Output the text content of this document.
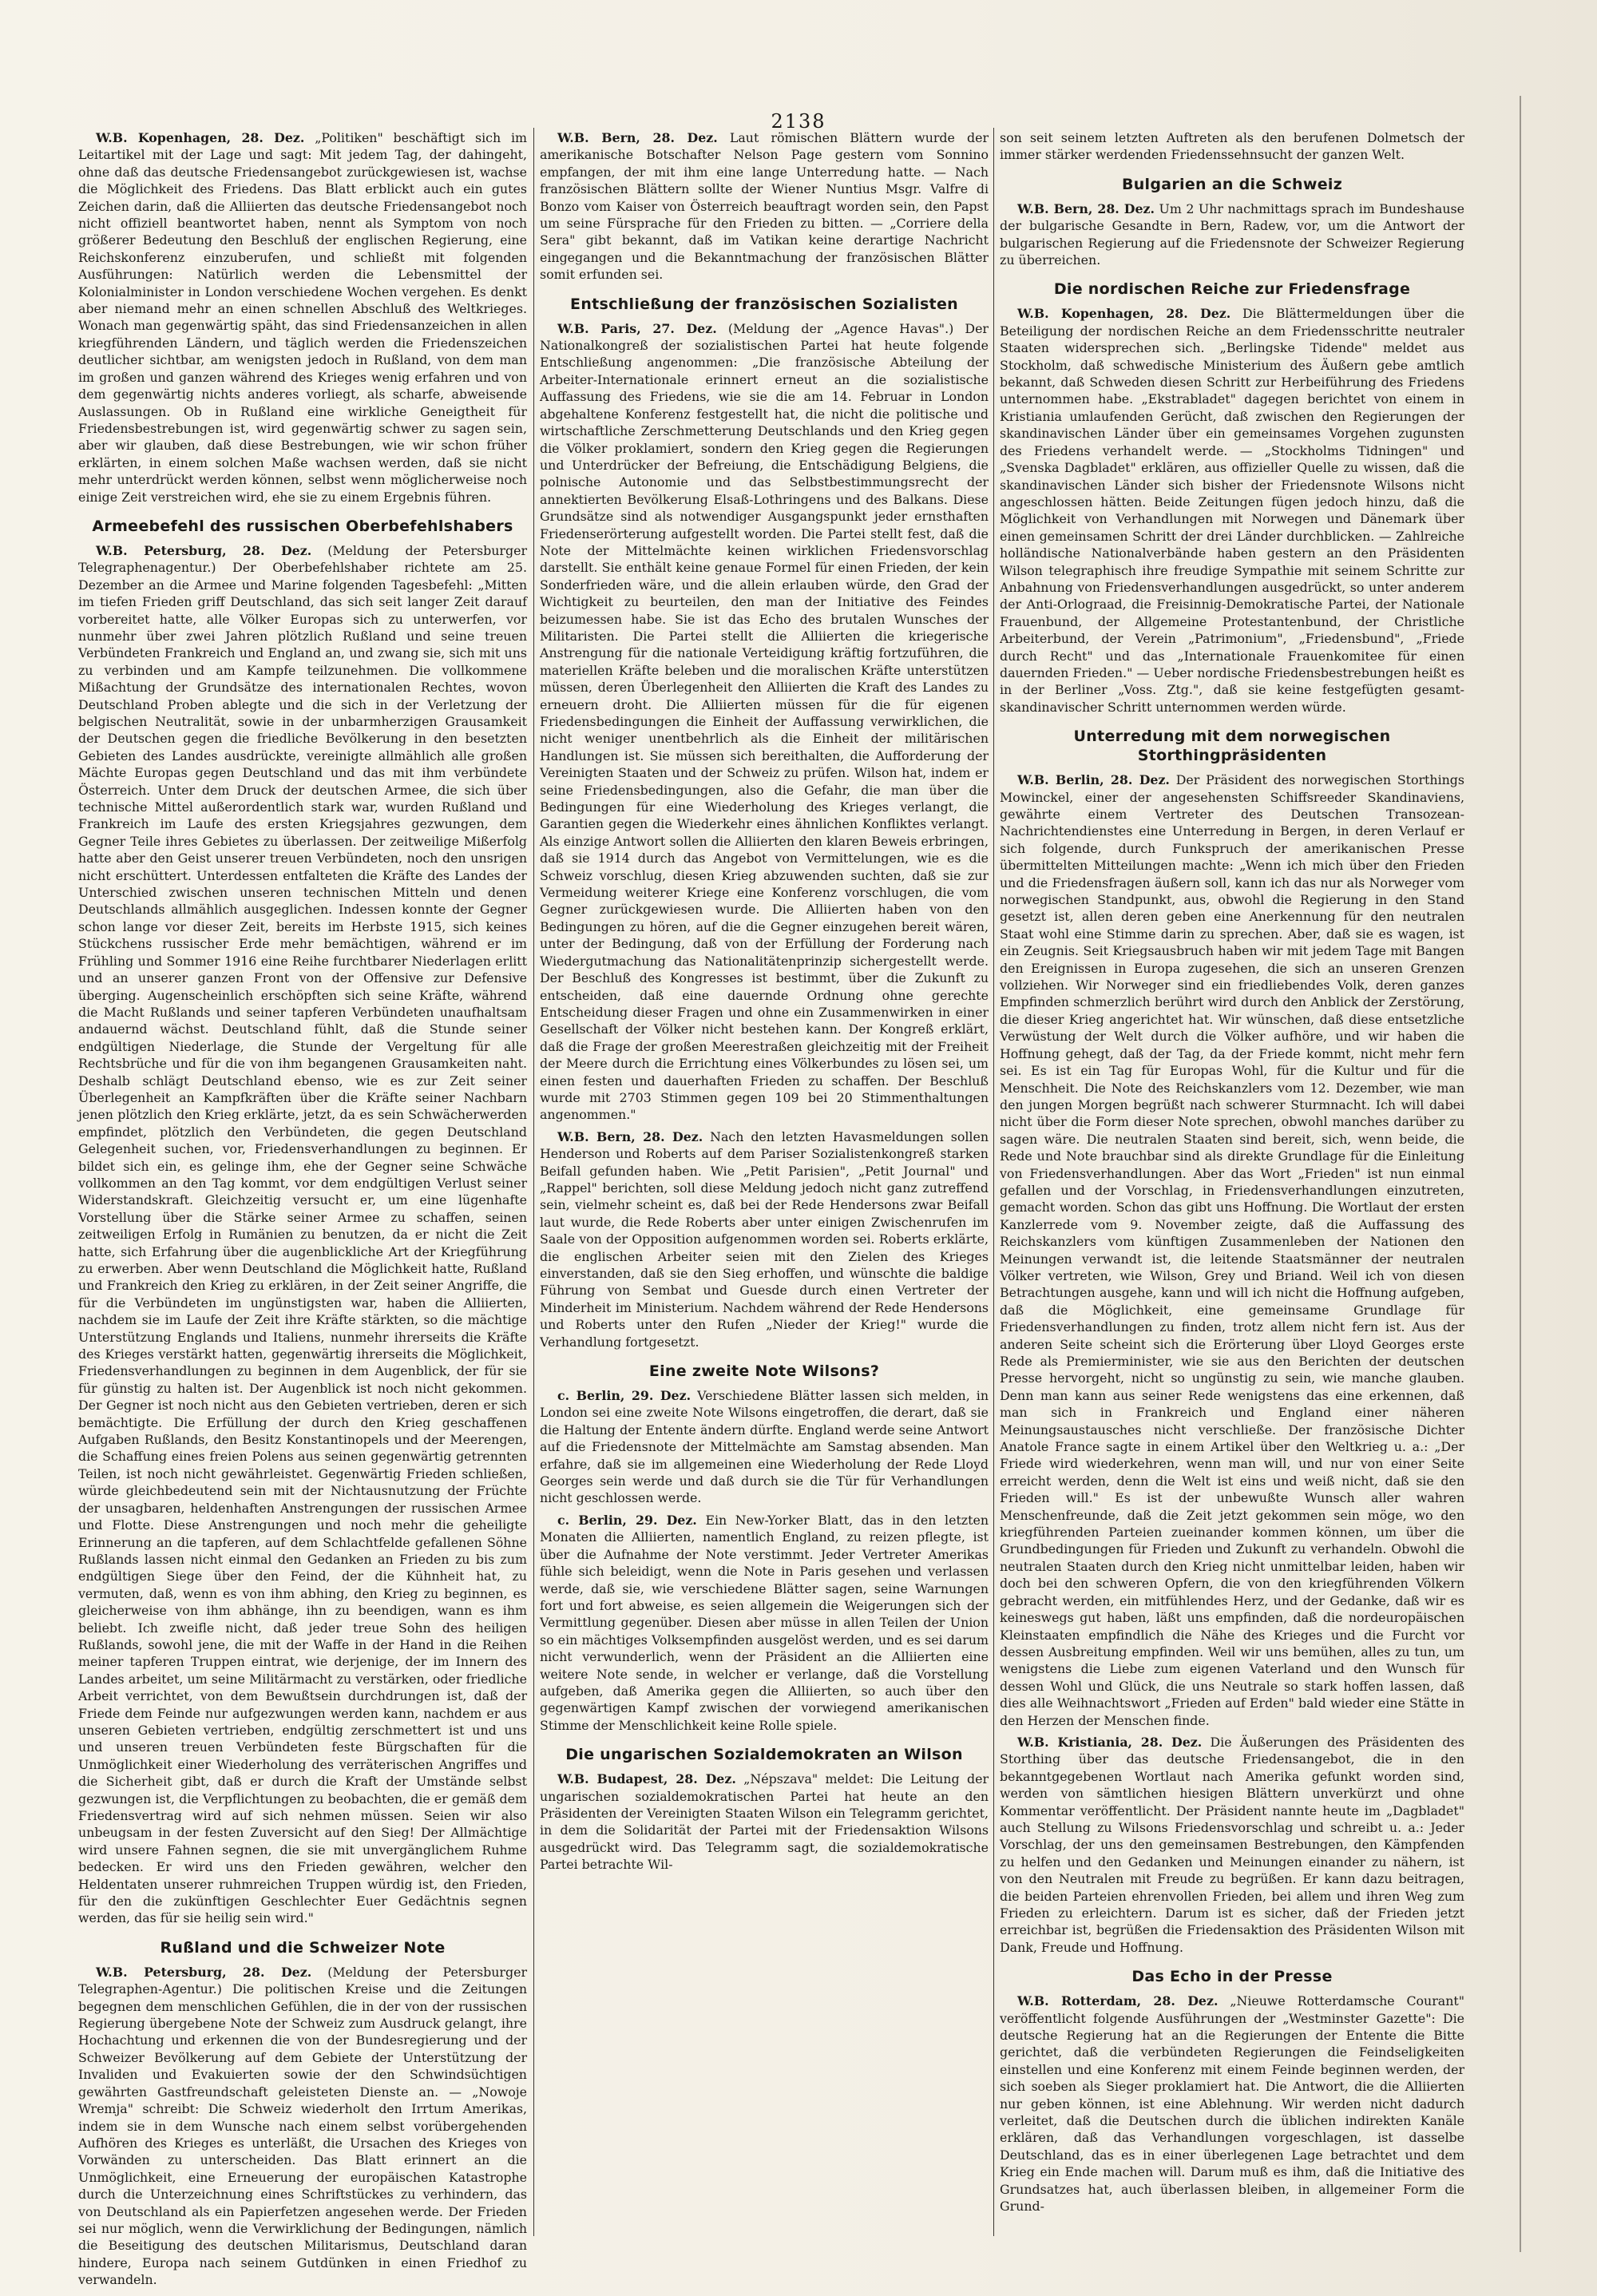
2138

W.B. Kopenhagen, 28. Dez. „Politiken" beschäftigt sich im Leitartikel mit der Lage und sagt: Mit jedem Tag, der dahingeht, ohne daß das deutsche Friedensangebot zurückgewiesen ist, wachse die Möglichkeit des Friedens. Das Blatt erblickt auch ein gutes Zeichen darin, daß die Alliierten das deutsche Friedensangebot noch nicht offiziell beantwortet haben, nennt als Symptom von noch größerer Bedeutung den Beschluß der englischen Regierung, eine Reichskonferenz einzuberufen, und schließt mit folgenden Ausführungen: Natürlich werden die Lebensmittel der Kolonialminister in London verschiedene Wochen vergehen. Es denkt aber niemand mehr an einen schnellen Abschluß des Weltkrieges. Wonach man gegenwärtig späht, das sind Friedensanzeichen in allen kriegführenden Ländern, und täglich werden die Friedenszeichen deutlicher sichtbar, am wenigsten jedoch in Rußland, von dem man im großen und ganzen während des Krieges wenig erfahren und von dem gegenwärtig nichts anderes vorliegt, als scharfe, abweisende Auslassungen. Ob in Rußland eine wirkliche Geneigtheit für Friedensbestrebungen ist, wird gegenwärtig schwer zu sagen sein, aber wir glauben, daß diese Bestrebungen, wie wir schon früher erklärten, in einem solchen Maße wachsen werden, daß sie nicht mehr unterdrückt werden können, selbst wenn möglicherweise noch einige Zeit verstreichen wird, ehe sie zu einem Ergebnis führen.

Armeebefehl des russischen Oberbefehlshabers

W.B. Petersburg, 28. Dez. (Meldung der Petersburger Telegraphenagentur.) Der Oberbefehlshaber richtete am 25. Dezember an die Armee und Marine folgenden Tagesbefehl: „Mitten im tiefen Frieden griff Deutschland, das sich seit langer Zeit darauf vorbereitet hatte, alle Völker Europas sich zu unterwerfen, vor nunmehr über zwei Jahren plötzlich Rußland und seine treuen Verbündeten Frankreich und England an, und zwang sie, sich mit uns zu verbinden und am Kampfe teilzunehmen. Die vollkommene Mißachtung der Grundsätze des internationalen Rechtes, wovon Deutschland Proben ablegte und die sich in der Verletzung der belgischen Neutralität, sowie in der unbarmherzigen Grausamkeit der Deutschen gegen die friedliche Bevölkerung in den besetzten Gebieten des Landes ausdrückte, vereinigte allmählich alle großen Mächte Europas gegen Deutschland und das mit ihm verbündete Österreich. Unter dem Druck der deutschen Armee, die sich über technische Mittel außerordentlich stark war, wurden Rußland und Frankreich im Laufe des ersten Kriegsjahres gezwungen, dem Gegner Teile ihres Gebietes zu überlassen. Der zeitweilige Mißerfolg hatte aber den Geist unserer treuen Verbündeten, noch den unsrigen nicht erschüttert. Unterdessen entfalteten die Kräfte des Landes der Unterschied zwischen unseren technischen Mitteln und denen Deutschlands allmählich ausgeglichen. Indessen konnte der Gegner schon lange vor dieser Zeit, bereits im Herbste 1915, sich keines Stückchens russischer Erde mehr bemächtigen, während er im Frühling und Sommer 1916 eine Reihe furchtbarer Niederlagen erlitt und an unserer ganzen Front von der Offensive zur Defensive überging. Augenscheinlich erschöpften sich seine Kräfte, während die Macht Rußlands und seiner tapferen Verbündeten unaufhaltsam andauernd wächst. Deutschland fühlt, daß die Stunde seiner endgültigen Niederlage, die Stunde der Vergeltung für alle Rechtsbrüche und für die von ihm begangenen Grausamkeiten naht. Deshalb schlägt Deutschland ebenso, wie es zur Zeit seiner Überlegenheit an Kampfkräften über die Kräfte seiner Nachbarn jenen plötzlich den Krieg erklärte, jetzt, da es sein Schwächerwerden empfindet, plötzlich den Verbündeten, die gegen Deutschland Gelegenheit suchen, vor, Friedensverhandlungen zu beginnen. Er bildet sich ein, es gelinge ihm, ehe der Gegner seine Schwäche vollkommen an den Tag kommt, vor dem endgültigen Verlust seiner Widerstandskraft. Gleichzeitig versucht er, um eine lügenhafte Vorstellung über die Stärke seiner Armee zu schaffen, seinen zeitweiligen Erfolg in Rumänien zu benutzen, da er nicht die Zeit hatte, sich Erfahrung über die augenblickliche Art der Kriegführung zu erwerben. Aber wenn Deutschland die Möglichkeit hatte, Rußland und Frankreich den Krieg zu erklären, in der Zeit seiner Angriffe, die für die Verbündeten im ungünstigsten war, haben die Alliierten, nachdem sie im Laufe der Zeit ihre Kräfte stärkten, so die mächtige Unterstützung Englands und Italiens, nunmehr ihrerseits die Kräfte des Krieges verstärkt hatten, gegenwärtig ihrerseits die Möglichkeit, Friedensverhandlungen zu beginnen in dem Augenblick, der für sie für günstig zu halten ist. Der Augenblick ist noch nicht gekommen. Der Gegner ist noch nicht aus den Gebieten vertrieben, deren er sich bemächtigte. Die Erfüllung der durch den Krieg geschaffenen Aufgaben Rußlands, den Besitz Konstantinopels und der Meerengen, die Schaffung eines freien Polens aus seinen gegenwärtig getrennten Teilen, ist noch nicht gewährleistet. Gegenwärtig Frieden schließen, würde gleichbedeutend sein mit der Nichtausnutzung der Früchte der unsagbaren, heldenhaften Anstrengungen der russischen Armee und Flotte. Diese Anstrengungen und noch mehr die geheiligte Erinnerung an die tapferen, auf dem Schlachtfelde gefallenen Söhne Rußlands lassen nicht einmal den Gedanken an Frieden zu bis zum endgültigen Siege über den Feind, der die Kühnheit hat, zu vermuten, daß, wenn es von ihm abhing, den Krieg zu beginnen, es gleicherweise von ihm abhänge, ihn zu beendigen, wann es ihm beliebt. Ich zweifle nicht, daß jeder treue Sohn des heiligen Rußlands, sowohl jene, die mit der Waffe in der Hand in die Reihen meiner tapferen Truppen eintrat, wie derjenige, der im Innern des Landes arbeitet, um seine Militärmacht zu verstärken, oder friedliche Arbeit verrichtet, von dem Bewußtsein durchdrungen ist, daß der Friede dem Feinde nur aufgezwungen werden kann, nachdem er aus unseren Gebieten vertrieben, endgültig zerschmettert ist und uns und unseren treuen Verbündeten feste Bürgschaften für die Unmöglichkeit einer Wiederholung des verräterischen Angriffes und die Sicherheit gibt, daß er durch die Kraft der Umstände selbst gezwungen ist, die Verpflichtungen zu beobachten, die er gemäß dem Friedensvertrag wird auf sich nehmen müssen. Seien wir also unbeugsam in der festen Zuversicht auf den Sieg! Der Allmächtige wird unsere Fahnen segnen, die sie mit unvergänglichem Ruhme bedecken. Er wird uns den Frieden gewähren, welcher den Heldentaten unserer ruhmreichen Truppen würdig ist, den Frieden, für den die zukünftigen Geschlechter Euer Gedächtnis segnen werden, das für sie heilig sein wird."

Rußland und die Schweizer Note

W.B. Petersburg, 28. Dez. (Meldung der Petersburger Telegraphen-Agentur.) Die politischen Kreise und die Zeitungen begegnen dem menschlichen Gefühlen, die in der von der russischen Regierung übergebene Note der Schweiz zum Ausdruck gelangt, ihre Hochachtung und erkennen die von der Bundesregierung und der Schweizer Bevölkerung auf dem Gebiete der Unterstützung der Invaliden und Evakuierten sowie der den Schwindsüchtigen gewährten Gastfreundschaft geleisteten Dienste an. — „Nowoje Wremja" schreibt: Die Schweiz wiederholt den Irrtum Amerikas, indem sie in dem Wunsche nach einem selbst vorübergehenden Aufhören des Krieges es unterläßt, die Ursachen des Krieges von Vorwänden zu unterscheiden. Das Blatt erinnert an die Unmöglichkeit, eine Erneuerung der europäischen Katastrophe durch die Unterzeichnung eines Schriftstückes zu verhindern, das von Deutschland als ein Papierfetzen angesehen werde. Der Frieden sei nur möglich, wenn die Verwirklichung der Bedingungen, nämlich die Beseitigung des deutschen Militarismus, Deutschland daran hindere, Europa nach seinem Gutdünken in einen Friedhof zu verwandeln.

W.B. Bern, 28. Dez. Laut römischen Blättern wurde der amerikanische Botschafter Nelson Page gestern vom Sonnino empfangen, der mit ihm eine lange Unterredung hatte. — Nach französischen Blättern sollte der Wiener Nuntius Msgr. Valfre di Bonzo vom Kaiser von Österreich beauftragt worden sein, den Papst um seine Fürsprache für den Frieden zu bitten. — „Corriere della Sera" gibt bekannt, daß im Vatikan keine derartige Nachricht eingegangen und die Bekanntmachung der französischen Blätter somit erfunden sei.

Entschließung der französischen Sozialisten

W.B. Paris, 27. Dez. (Meldung der „Agence Havas".) Der Nationalkongreß der sozialistischen Partei hat heute folgende Entschließung angenommen: „Die französische Abteilung der Arbeiter-Internationale erinnert erneut an die sozialistische Auffassung des Friedens, wie sie die am 14. Februar in London abgehaltene Konferenz festgestellt hat, die nicht die politische und wirtschaftliche Zerschmetterung Deutschlands und den Krieg gegen die Völker proklamiert, sondern den Krieg gegen die Regierungen und Unterdrücker der Befreiung, die Entschädigung Belgiens, die polnische Autonomie und das Selbstbestimmungsrecht der annektierten Bevölkerung Elsaß-Lothringens und des Balkans. Diese Grundsätze sind als notwendiger Ausgangspunkt jeder ernsthaften Friedenserörterung aufgestellt worden. Die Partei stellt fest, daß die Note der Mittelmächte keinen wirklichen Friedensvorschlag darstellt. Sie enthält keine genaue Formel für einen Frieden, der kein Sonderfrieden wäre, und die allein erlauben würde, den Grad der Wichtigkeit zu beurteilen, den man der Initiative des Feindes beizumessen habe. Sie ist das Echo des brutalen Wunsches der Militaristen. Die Partei stellt die Alliierten die kriegerische Anstrengung für die nationale Verteidigung kräftig fortzuführen, die materiellen Kräfte beleben und die moralischen Kräfte unterstützen müssen, deren Überlegenheit den Alliierten die Kraft des Landes zu erneuern droht. Die Alliierten müssen für die für eigenen Friedensbedingungen die Einheit der Auffassung verwirklichen, die nicht weniger unentbehrlich als die Einheit der militärischen Handlungen ist. Sie müssen sich bereithalten, die Aufforderung der Vereinigten Staaten und der Schweiz zu prüfen. Wilson hat, indem er seine Friedensbedingungen, also die Gefahr, die man über die Bedingungen für eine Wiederholung des Krieges verlangt, die Garantien gegen die Wiederkehr eines ähnlichen Konfliktes verlangt. Als einzige Antwort sollen die Alliierten den klaren Beweis erbringen, daß sie 1914 durch das Angebot von Vermittelungen, wie es die Schweiz vorschlug, diesen Krieg abzuwenden suchten, daß sie zur Vermeidung weiterer Kriege eine Konferenz vorschlugen, die vom Gegner zurückgewiesen wurde. Die Alliierten haben von den Bedingungen zu hören, auf die die Gegner einzugehen bereit wären, unter der Bedingung, daß von der Erfüllung der Forderung nach Wiedergutmachung das Nationalitätenprinzip sichergestellt werde. Der Beschluß des Kongresses ist bestimmt, über die Zukunft zu entscheiden, daß eine dauernde Ordnung ohne gerechte Entscheidung dieser Fragen und ohne ein Zusammenwirken in einer Gesellschaft der Völker nicht bestehen kann. Der Kongreß erklärt, daß die Frage der großen Meerestraßen gleichzeitig mit der Freiheit der Meere durch die Errichtung eines Völkerbundes zu lösen sei, um einen festen und dauerhaften Frieden zu schaffen. Der Beschluß wurde mit 2703 Stimmen gegen 109 bei 20 Stimmenthaltungen angenommen."

W.B. Bern, 28. Dez. Nach den letzten Havasmeldungen sollen Henderson und Roberts auf dem Pariser Sozialistenkongreß starken Beifall gefunden haben. Wie „Petit Parisien", „Petit Journal" und „Rappel" berichten, soll diese Meldung jedoch nicht ganz zutreffend sein, vielmehr scheint es, daß bei der Rede Hendersons zwar Beifall laut wurde, die Rede Roberts aber unter einigen Zwischenrufen im Saale von der Opposition aufgenommen worden sei. Roberts erklärte, die englischen Arbeiter seien mit den Zielen des Krieges einverstanden, daß sie den Sieg erhoffen, und wünschte die baldige Führung von Sembat und Guesde durch einen Vertreter der Minderheit im Ministerium. Nachdem während der Rede Hendersons und Roberts unter den Rufen „Nieder der Krieg!" wurde die Verhandlung fortgesetzt.

Eine zweite Note Wilsons?

c. Berlin, 29. Dez. Verschiedene Blätter lassen sich melden, in London sei eine zweite Note Wilsons eingetroffen, die derart, daß sie die Haltung der Entente ändern dürfte. England werde seine Antwort auf die Friedensnote der Mittelmächte am Samstag absenden. Man erfahre, daß sie im allgemeinen eine Wiederholung der Rede Lloyd Georges sein werde und daß durch sie die Tür für Verhandlungen nicht geschlossen werde.

c. Berlin, 29. Dez. Ein New-Yorker Blatt, das in den letzten Monaten die Alliierten, namentlich England, zu reizen pflegte, ist über die Aufnahme der Note verstimmt. Jeder Vertreter Amerikas fühle sich beleidigt, wenn die Note in Paris gesehen und verlassen werde, daß sie, wie verschiedene Blätter sagen, seine Warnungen fort und fort abweise, es seien allgemein die Weigerungen sich der Vermittlung gegenüber. Diesen aber müsse in allen Teilen der Union so ein mächtiges Volksempfinden ausgelöst werden, und es sei darum nicht verwunderlich, wenn der Präsident an die Alliierten eine weitere Note sende, in welcher er verlange, daß die Vorstellung aufgeben, daß Amerika gegen die Alliierten, so auch über den gegenwärtigen Kampf zwischen der vorwiegend amerikanischen Stimme der Menschlichkeit keine Rolle spiele.

Die ungarischen Sozialdemokraten an Wilson

W.B. Budapest, 28. Dez. „Népszava" meldet: Die Leitung der ungarischen sozialdemokratischen Partei hat heute an den Präsidenten der Vereinigten Staaten Wilson ein Telegramm gerichtet, in dem die Solidarität der Partei mit der Friedensaktion Wilsons ausgedrückt wird. Das Telegramm sagt, die sozialdemokratische Partei betrachte Wil-

son seit seinem letzten Auftreten als den berufenen Dolmetsch der immer stärker werdenden Friedenssehnsucht der ganzen Welt.

Bulgarien an die Schweiz

W.B. Bern, 28. Dez. Um 2 Uhr nachmittags sprach im Bundeshause der bulgarische Gesandte in Bern, Radew, vor, um die Antwort der bulgarischen Regierung auf die Friedensnote der Schweizer Regierung zu überreichen.

Die nordischen Reiche zur Friedensfrage

W.B. Kopenhagen, 28. Dez. Die Blättermeldungen über die Beteiligung der nordischen Reiche an dem Friedensschritte neutraler Staaten widersprechen sich. „Berlingske Tidende" meldet aus Stockholm, daß schwedische Ministerium des Äußern gebe amtlich bekannt, daß Schweden diesen Schritt zur Herbeiführung des Friedens unternommen habe. „Ekstrabladet" dagegen berichtet von einem in Kristiania umlaufenden Gerücht, daß zwischen den Regierungen der skandinavischen Länder über ein gemeinsames Vorgehen zugunsten des Friedens verhandelt werde. — „Stockholms Tidningen" und „Svenska Dagbladet" erklären, aus offizieller Quelle zu wissen, daß die skandinavischen Länder sich bisher der Friedensnote Wilsons nicht angeschlossen hätten. Beide Zeitungen fügen jedoch hinzu, daß die Möglichkeit von Verhandlungen mit Norwegen und Dänemark über einen gemeinsamen Schritt der drei Länder durchblicken. — Zahlreiche holländische Nationalverbände haben gestern an den Präsidenten Wilson telegraphisch ihre freudige Sympathie mit seinem Schritte zur Anbahnung von Friedensverhandlungen ausgedrückt, so unter anderem der Anti-Orlograad, die Freisinnig-Demokratische Partei, der Nationale Frauenbund, der Allgemeine Protestantenbund, der Christliche Arbeiterbund, der Verein „Patrimonium", „Friedensbund", „Friede durch Recht" und das „Internationale Frauenkomitee für einen dauernden Frieden." — Ueber nordische Friedensbestrebungen heißt es in der Berliner „Voss. Ztg.", daß sie keine festgefügten gesamt-skandinavischer Schritt unternommen werden würde.

Unterredung mit dem norwegischen Storthingpräsidenten

W.B. Berlin, 28. Dez. Der Präsident des norwegischen Storthings Mowinckel, einer der angesehensten Schiffsreeder Skandinaviens, gewährte einem Vertreter des Deutschen Transozean-Nachrichtendienstes eine Unterredung in Bergen, in deren Verlauf er sich folgende, durch Funkspruch der amerikanischen Presse übermittelten Mitteilungen machte: „Wenn ich mich über den Frieden und die Friedensfragen äußern soll, kann ich das nur als Norweger vom norwegischen Standpunkt, aus, obwohl die Regierung in den Stand gesetzt ist, allen deren geben eine Anerkennung für den neutralen Staat wohl eine Stimme darin zu sprechen. Aber, daß sie es wagen, ist ein Zeugnis. Seit Kriegsausbruch haben wir mit jedem Tage mit Bangen den Ereignissen in Europa zugesehen, die sich an unseren Grenzen vollziehen. Wir Norweger sind ein friedliebendes Volk, deren ganzes Empfinden schmerzlich berührt wird durch den Anblick der Zerstörung, die dieser Krieg angerichtet hat. Wir wünschen, daß diese entsetzliche Verwüstung der Welt durch die Völker aufhöre, und wir haben die Hoffnung gehegt, daß der Tag, da der Friede kommt, nicht mehr fern sei. Es ist ein Tag für Europas Wohl, für die Kultur und für die Menschheit. Die Note des Reichskanzlers vom 12. Dezember, wie man den jungen Morgen begrüßt nach schwerer Sturmnacht. Ich will dabei nicht über die Form dieser Note sprechen, obwohl manches darüber zu sagen wäre. Die neutralen Staaten sind bereit, sich, wenn beide, die Rede und Note brauchbar sind als direkte Grundlage für die Einleitung von Friedensverhandlungen. Aber das Wort „Frieden" ist nun einmal gefallen und der Vorschlag, in Friedensverhandlungen einzutreten, gemacht worden. Schon das gibt uns Hoffnung. Die Wortlaut der ersten Kanzlerrede vom 9. November zeigte, daß die Auffassung des Reichskanzlers vom künftigen Zusammenleben der Nationen den Meinungen verwandt ist, die leitende Staatsmänner der neutralen Völker vertreten, wie Wilson, Grey und Briand. Weil ich von diesen Betrachtungen ausgehe, kann und will ich nicht die Hoffnung aufgeben, daß die Möglichkeit, eine gemeinsame Grundlage für Friedensverhandlungen zu finden, trotz allem nicht fern ist. Aus der anderen Seite scheint sich die Erörterung über Lloyd Georges erste Rede als Premierminister, wie sie aus den Berichten der deutschen Presse hervorgeht, nicht so ungünstig zu sein, wie manche glauben. Denn man kann aus seiner Rede wenigstens das eine erkennen, daß man sich in Frankreich und England einer näheren Meinungsaustausches nicht verschließe. Der französische Dichter Anatole France sagte in einem Artikel über den Weltkrieg u. a.: „Der Friede wird wiederkehren, wenn man will, und nur von einer Seite erreicht werden, denn die Welt ist eins und weiß nicht, daß sie den Frieden will." Es ist der unbewußte Wunsch aller wahren Menschenfreunde, daß die Zeit jetzt gekommen sein möge, wo den kriegführenden Parteien zueinander kommen können, um über die Grundbedingungen für Frieden und Zukunft zu verhandeln. Obwohl die neutralen Staaten durch den Krieg nicht unmittelbar leiden, haben wir doch bei den schweren Opfern, die von den kriegführenden Völkern gebracht werden, ein mitfühlendes Herz, und der Gedanke, daß wir es keineswegs gut haben, läßt uns empfinden, daß die nordeuropäischen Kleinstaaten empfindlich die Nähe des Krieges und die Furcht vor dessen Ausbreitung empfinden. Weil wir uns bemühen, alles zu tun, um wenigstens die Liebe zum eigenen Vaterland und den Wunsch für dessen Wohl und Glück, die uns Neutrale so stark hoffen lassen, daß dies alle Weihnachtswort „Frieden auf Erden" bald wieder eine Stätte in den Herzen der Menschen finde.

W.B. Kristiania, 28. Dez. Die Äußerungen des Präsidenten des Storthing über das deutsche Friedensangebot, die in den bekanntgegebenen Wortlaut nach Amerika gefunkt worden sind, werden von sämtlichen hiesigen Blättern unverkürzt und ohne Kommentar veröffentlicht. Der Präsident nannte heute im „Dagbladet" auch Stellung zu Wilsons Friedensvorschlag und schreibt u. a.: Jeder Vorschlag, der uns den gemeinsamen Bestrebungen, den Kämpfenden zu helfen und den Gedanken und Meinungen einander zu nähern, ist von den Neutralen mit Freude zu begrüßen. Er kann dazu beitragen, die beiden Parteien ehrenvollen Frieden, bei allem und ihren Weg zum Frieden zu erleichtern. Darum ist es sicher, daß der Frieden jetzt erreichbar ist, begrüßen die Friedensaktion des Präsidenten Wilson mit Dank, Freude und Hoffnung.

Das Echo in der Presse

W.B. Rotterdam, 28. Dez. „Nieuwe Rotterdamsche Courant" veröffentlicht folgende Ausführungen der „Westminster Gazette": Die deutsche Regierung hat an die Regierungen der Entente die Bitte gerichtet, daß die verbündeten Regierungen die Feindseligkeiten einstellen und eine Konferenz mit einem Feinde beginnen werden, der sich soeben als Sieger proklamiert hat. Die Antwort, die die Alliierten nur geben können, ist eine Ablehnung. Wir werden nicht dadurch verleitet, daß die Deutschen durch die üblichen indirekten Kanäle erklären, daß das Verhandlungen vorgeschlagen, ist dasselbe Deutschland, das es in einer überlegenen Lage betrachtet und dem Krieg ein Ende machen will. Darum muß es ihm, daß die Initiative des Grundsatzes hat, auch überlassen bleiben, in allgemeiner Form die Grund-
